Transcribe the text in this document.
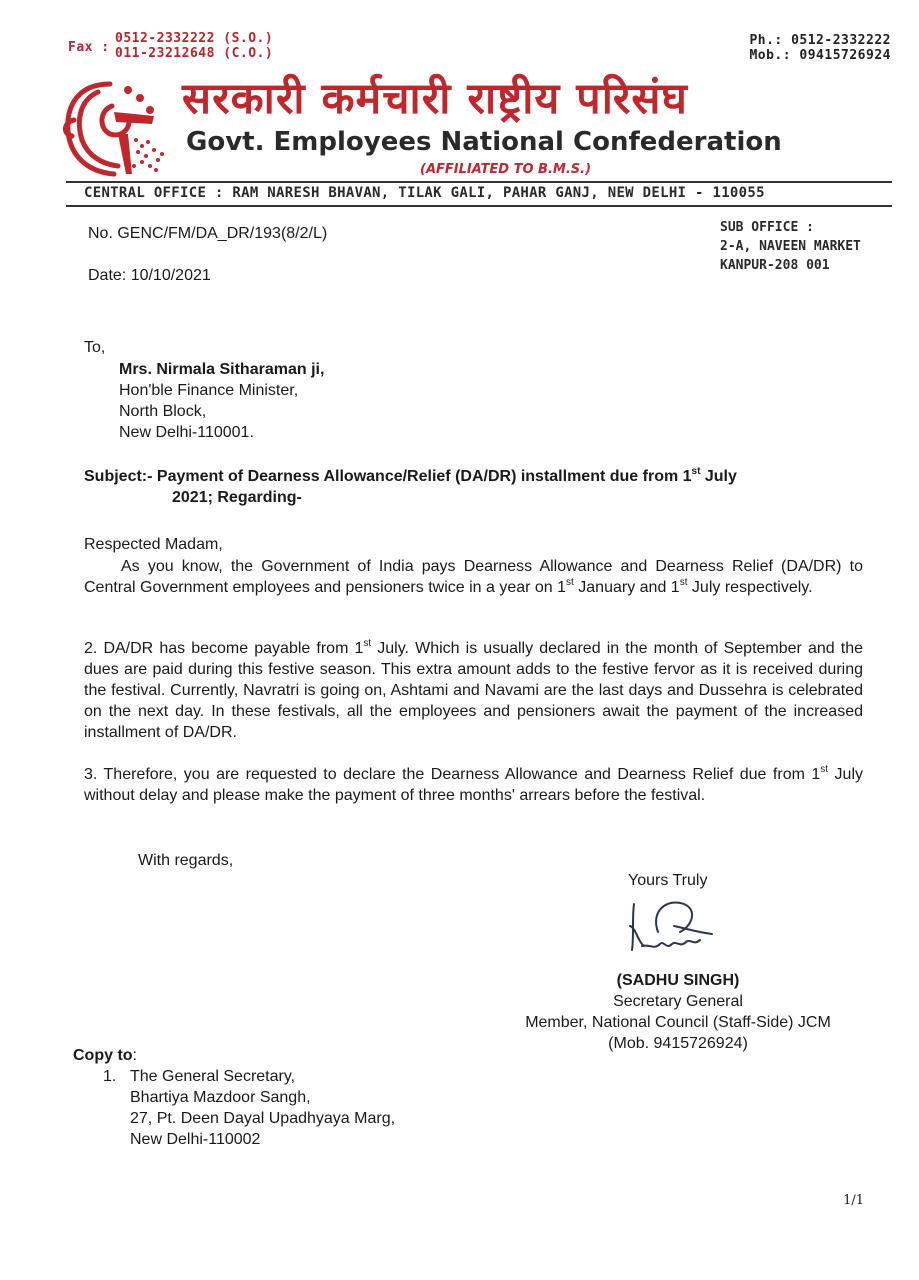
Fax :
0512-2332222 (S.O.)
011-23212648 (C.O.)
Ph.: 0512-2332222
Mob.: 09415726924
सरकारी कर्मचारी राष्ट्रीय परिसंघ
Govt. Employees National Confederation
(AFFILIATED TO B.M.S.)
CENTRAL OFFICE : RAM NARESH BHAVAN, TILAK GALI, PAHAR GANJ, NEW DELHI - 110055
SUB OFFICE :
2-A, NAVEEN MARKET
KANPUR-208 001
No. GENC/FM/DA_DR/193(8/2/L)
Date: 10/10/2021
To,
Mrs. Nirmala Sitharaman ji,
Hon'ble Finance Minister,
North Block,
New Delhi-110001.
Subject:- Payment of Dearness Allowance/Relief (DA/DR) installment due from 1st July
2021; Regarding-
Respected Madam,
As you know, the Government of India pays Dearness Allowance and Dearness Relief (DA/DR) to Central Government employees and pensioners twice in a year on 1st January and 1st July respectively.
2. DA/DR has become payable from 1st July. Which is usually declared in the month of September and the dues are paid during this festive season. This extra amount adds to the festive fervor as it is received during the festival. Currently, Navratri is going on, Ashtami and Navami are the last days and Dussehra is celebrated on the next day. In these festivals, all the employees and pensioners await the payment of the increased installment of DA/DR.
3. Therefore, you are requested to declare the Dearness Allowance and Dearness Relief due from 1st July without delay and please make the payment of three months' arrears before the festival.
With regards,
Yours Truly
(SADHU SINGH)
Secretary General
Member, National Council (Staff-Side) JCM
(Mob. 9415726924)
Copy to:
1. The General Secretary,
Bhartiya Mazdoor Sangh,
27, Pt. Deen Dayal Upadhyaya Marg,
New Delhi-110002
1/1
